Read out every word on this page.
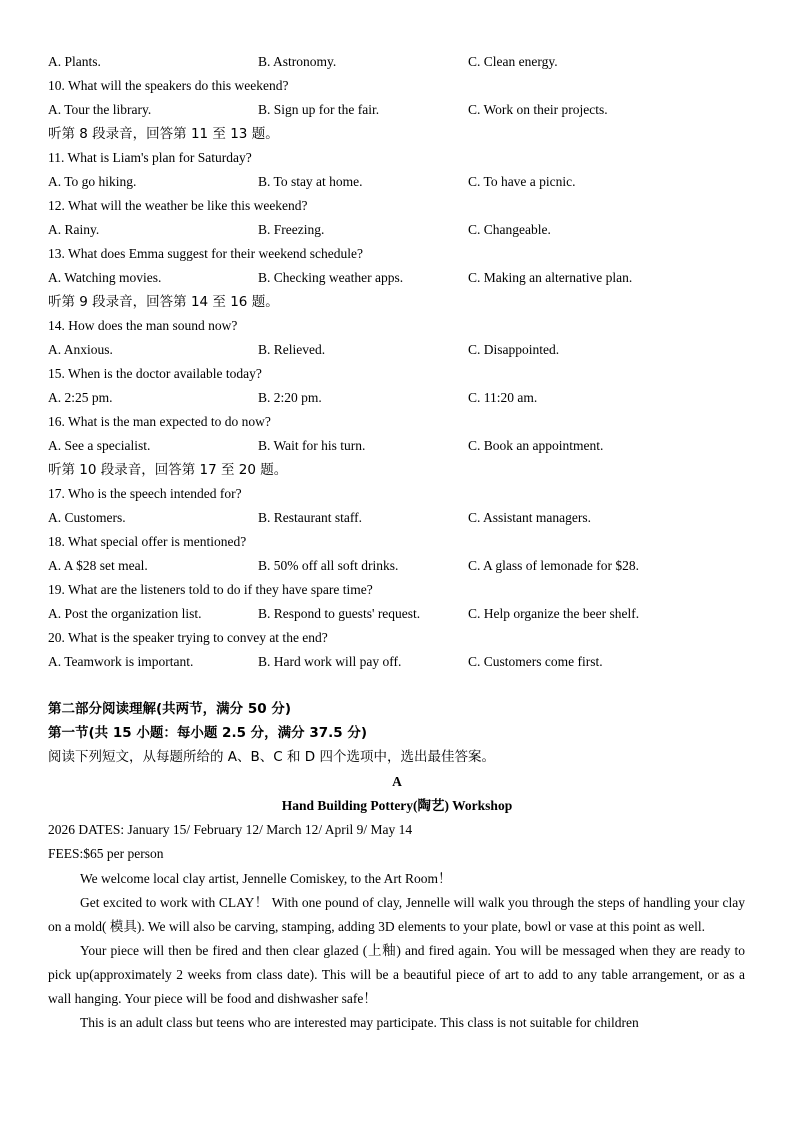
A. Plants.	B. Astronomy.	C. Clean energy.
10. What will the speakers do this weekend?
A. Tour the library.	B. Sign up for the fair.	C. Work on their projects.
听第 8 段录音，回答第 11 至 13 题。
11. What is Liam's plan for Saturday?
A. To go hiking.	B. To stay at home.	C. To have a picnic.
12. What will the weather be like this weekend?
A. Rainy.	B. Freezing.	C. Changeable.
13. What does Emma suggest for their weekend schedule?
A. Watching movies.	B. Checking weather apps.	C. Making an alternative plan.
听第 9 段录音，回答第 14 至 16 题。
14. How does the man sound now?
A. Anxious.	B. Relieved.	C. Disappointed.
15. When is the doctor available today?
A. 2:25 pm.	B. 2:20 pm.	C. 11:20 am.
16. What is the man expected to do now?
A. See a specialist.	B. Wait for his turn.	C. Book an appointment.
听第 10 段录音，回答第 17 至 20 题。
17. Who is the speech intended for?
A. Customers.	B. Restaurant staff.	C. Assistant managers.
18. What special offer is mentioned?
A. A $28 set meal.	B. 50% off all soft drinks.	C. A glass of lemonade for $28.
19. What are the listeners told to do if they have spare time?
A. Post the organization list.	B. Respond to guests' request.	C. Help organize the beer shelf.
20. What is the speaker trying to convey at the end?
A. Teamwork is important.	B. Hard work will pay off.	C. Customers come first.
第二部分阅读理解(共两节，满分 50 分)
第一节(共 15 小题：每小题 2.5 分，满分 37.5 分)
阅读下列短文，从每题所给的 A、B、C 和 D 四个选项中，选出最佳答案。
A
Hand Building Pottery(陶艺) Workshop
2026 DATES: January 15/ February 12/ March 12/ April 9/ May 14
FEES:$65 per person

We welcome local clay artist, Jennelle Comiskey, to the Art Room！

Get excited to work with CLAY！ With one pound of clay, Jennelle will walk you through the steps of handling your clay on a mold( 模具). We will also be carving, stamping, adding 3D elements to your plate, bowl or vase at this point as well.

Your piece will then be fired and then clear glazed (上釉) and fired again. You will be messaged when they are ready to pick up(approximately 2 weeks from class date). This will be a beautiful piece of art to add to any table arrangement, or as a wall hanging. Your piece will be food and dishwasher safe！

This is an adult class but teens who are interested may participate. This class is not suitable for children
